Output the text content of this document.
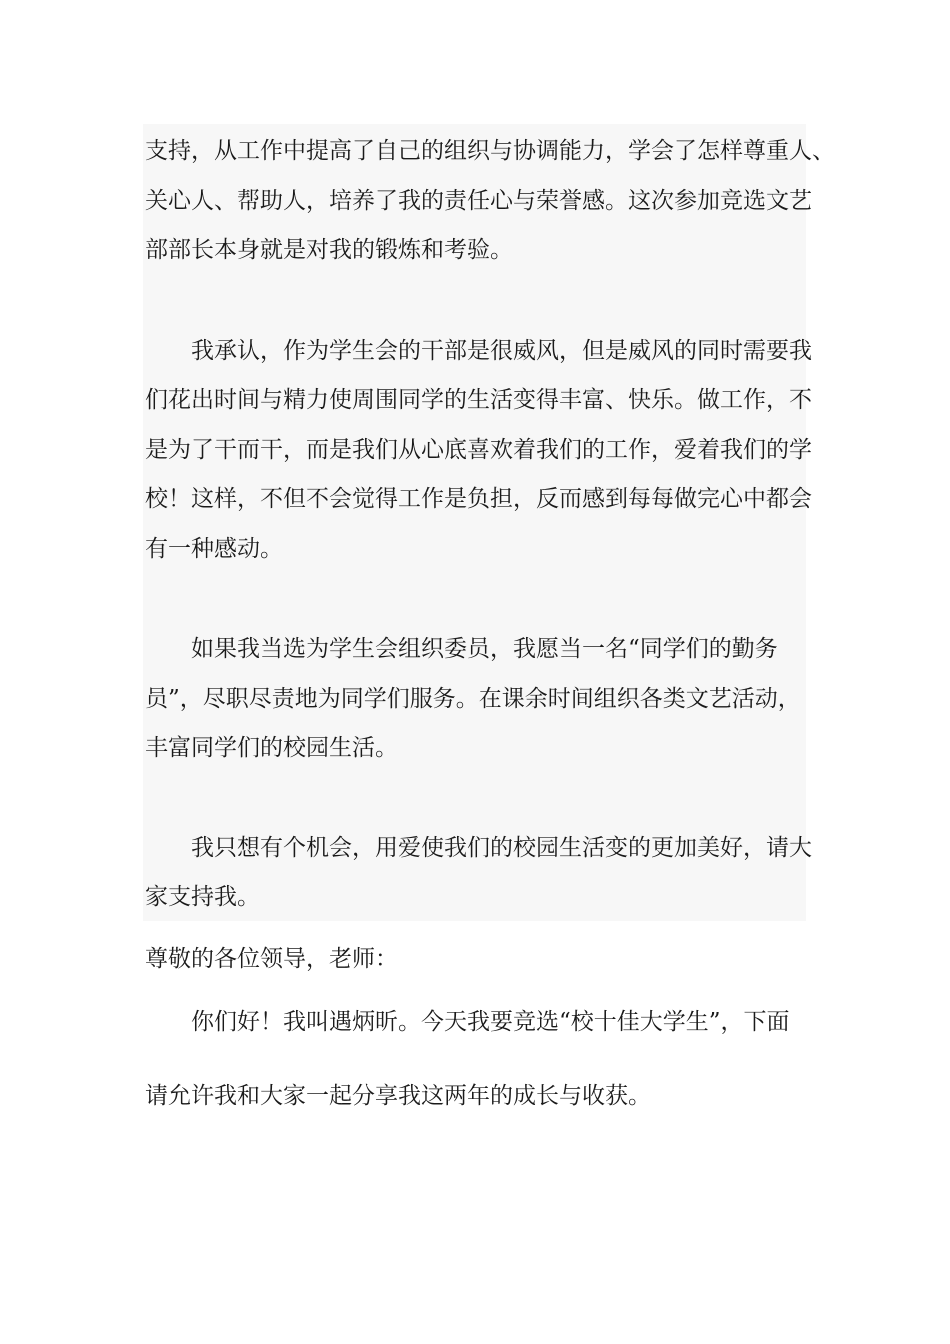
支持，从工作中提高了自己的组织与协调能力，学会了怎样尊重人、
关心人、帮助人，培养了我的责任心与荣誉感。这次参加竞选文艺
部部长本身就是对我的锻炼和考验。
我承认，作为学生会的干部是很威风，但是威风的同时需要我
们花出时间与精力使周围同学的生活变得丰富、快乐。做工作，不
是为了干而干，而是我们从心底喜欢着我们的工作，爱着我们的学
校！这样，不但不会觉得工作是负担，反而感到每每做完心中都会
有一种感动。
如果我当选为学生会组织委员，我愿当一名“同学们的勤务
员”，尽职尽责地为同学们服务。在课余时间组织各类文艺活动，
丰富同学们的校园生活。
我只想有个机会，用爱使我们的校园生活变的更加美好，请大
家支持我。
尊敬的各位领导，老师：
你们好！我叫遇炳昕。今天我要竞选“校十佳大学生”，下面
请允许我和大家一起分享我这两年的成长与收获。
